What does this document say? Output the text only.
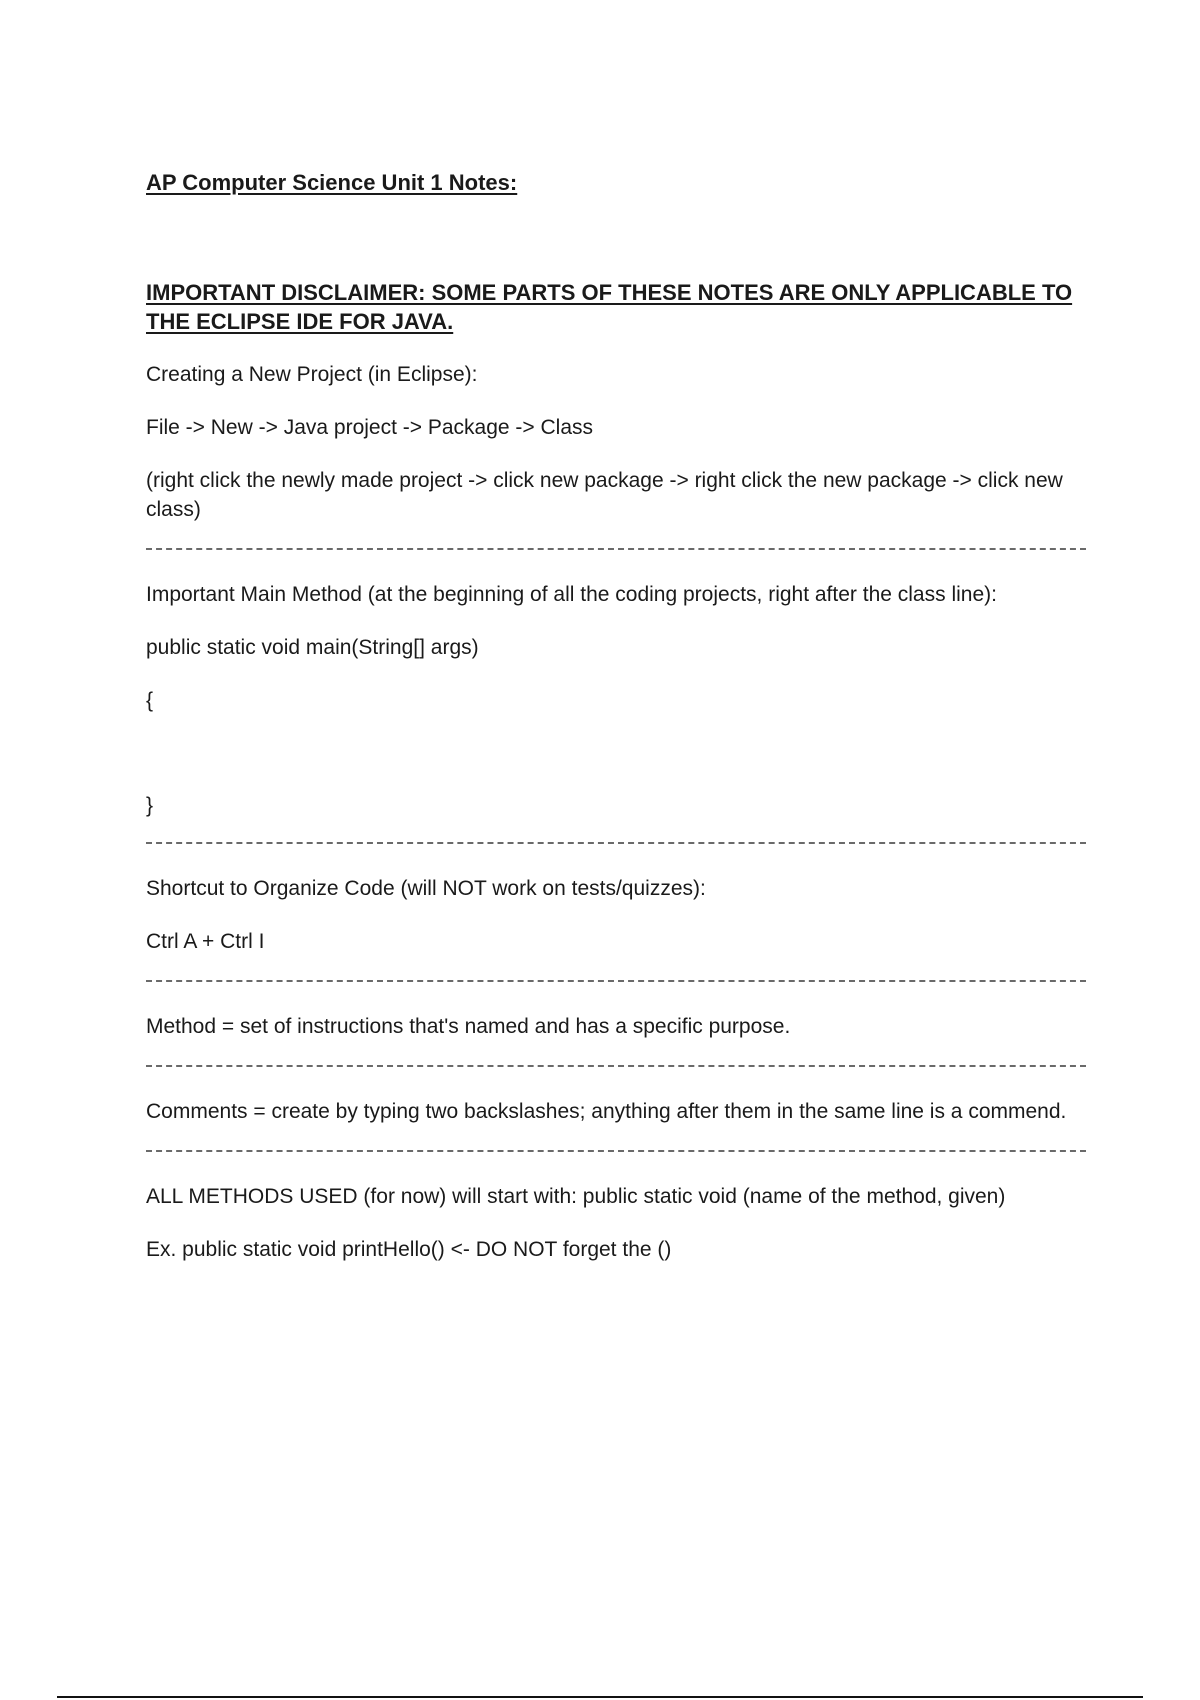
AP Computer Science Unit 1 Notes:
IMPORTANT DISCLAIMER: SOME PARTS OF THESE NOTES ARE ONLY APPLICABLE TO THE ECLIPSE IDE FOR JAVA.
Creating a New Project (in Eclipse):
File -> New -> Java project -> Package -> Class
(right click the newly made project -> click new package -> right click the new package -> click new class)
Important Main Method (at the beginning of all the coding projects, right after the class line):
public static void main(String[] args)
{
}
Shortcut to Organize Code (will NOT work on tests/quizzes):
Ctrl A + Ctrl I
Method = set of instructions that's named and has a specific purpose.
Comments = create by typing two backslashes; anything after them in the same line is a commend.
ALL METHODS USED (for now) will start with: public static void (name of the method, given)
Ex. public static void printHello() <- DO NOT forget the ()
